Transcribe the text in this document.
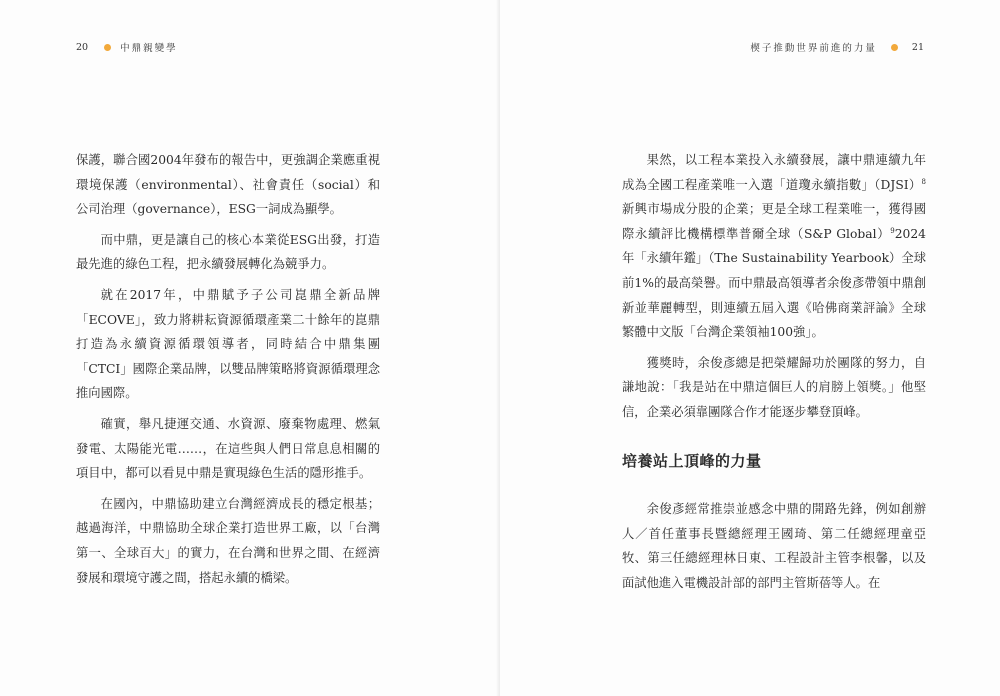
20	中鼎親變學

保護，聯合國2004年發布的報告中，更強調企業應重視環境保護（environmental）、社會責任（social）和公司治理（governance），ESG一詞成為顯學。

而中鼎，更是讓自己的核心本業從ESG出發，打造最先進的綠色工程，把永續發展轉化為競爭力。

就在2017年，中鼎賦予子公司崑鼎全新品牌「ECOVE」，致力將耕耘資源循環產業二十餘年的崑鼎打造為永續資源循環領導者，同時結合中鼎集團「CTCI」國際企業品牌，以雙品牌策略將資源循環理念推向國際。

確實，舉凡捷運交通、水資源、廢棄物處理、燃氣發電、太陽能光電……，在這些與人們日常息息相關的項目中，都可以看見中鼎是實現綠色生活的隱形推手。

在國內，中鼎協助建立台灣經濟成長的穩定根基；越過海洋，中鼎協助全球企業打造世界工廠，以「台灣第一、全球百大」的實力，在台灣和世界之間、在經濟發展和環境守護之間，搭起永續的橋梁。

楔子 推動世界前進的力量	21

果然，以工程本業投入永續發展，讓中鼎連續九年成為全國工程產業唯一入選「道瓊永續指數」（DJSI）$^8$新興市場成分股的企業；更是全球工程業唯一，獲得國際永續評比機構標準普爾全球（S&P Global）$^9$2024年「永續年鑑」（The Sustainability Yearbook）全球前1%的最高榮譽。而中鼎最高領導者余俊彥帶領中鼎創新並華麗轉型，則連續五屆入選《哈佛商業評論》全球繁體中文版「台灣企業領袖100強」。

獲獎時，余俊彥總是把榮耀歸功於團隊的努力，自謙地說：「我是站在中鼎這個巨人的肩膀上領獎。」他堅信，企業必須靠團隊合作才能逐步攀登頂峰。

培養站上頂峰的力量

余俊彥經常推崇並感念中鼎的開路先鋒，例如創辦人／首任董事長暨總經理王國琦、第二任總經理童亞牧、第三任總經理林日東、工程設計主管李根馨，以及面試他進入電機設計部的部門主管斯蓓等人。在
